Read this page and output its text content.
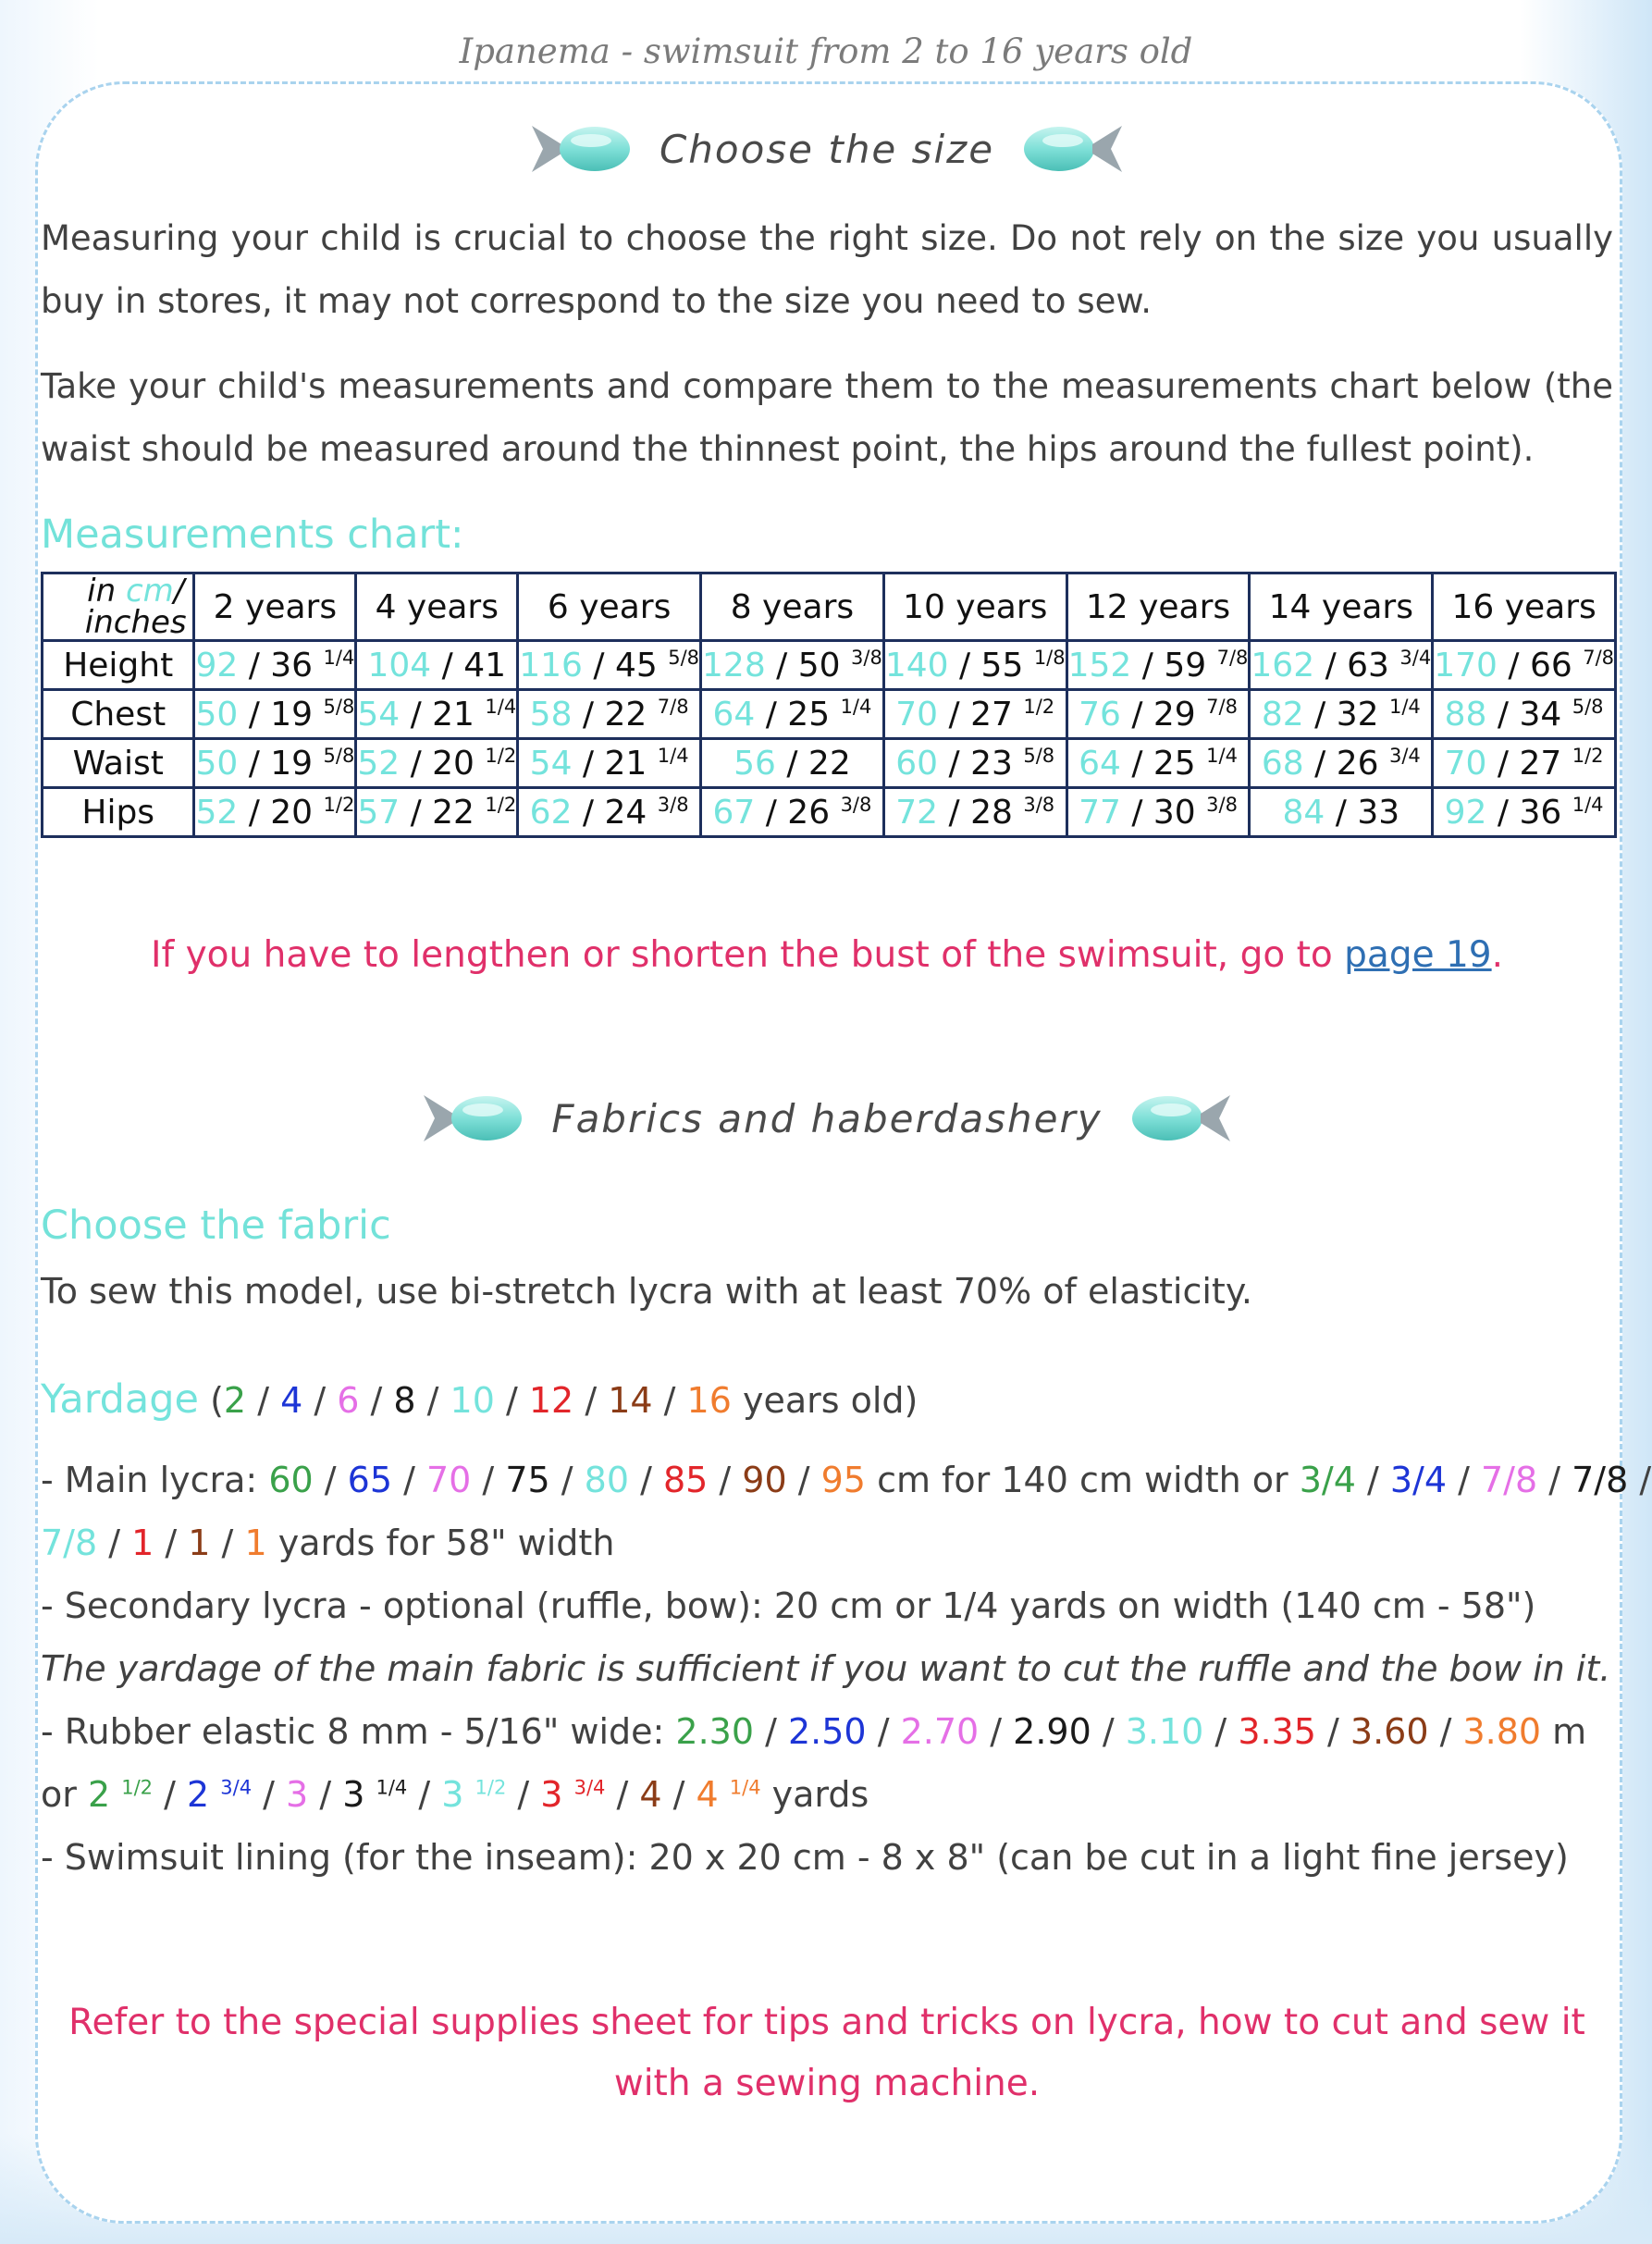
Ipanema - swimsuit from 2 to 16 years old
Choose the size

Measuring your child is crucial to choose the right size. Do not rely on the size you usually buy in stores, it may not correspond to the size you need to sew.

Take your child's measurements and compare them to the measurements chart below (the waist should be measured around the thinnest point, the hips around the fullest point).

Measurements chart:
in cm/
inches	2 years	4 years	6 years	8 years	10 years	12 years	14 years	16 years
Height	92 / 36 $^{1/4}$	104 / 41	116 / 45 $^{5/8}$	128 / 50 $^{3/8}$	140 / 55 $^{1/8}$	152 / 59 $^{7/8}$	162 / 63 $^{3/4}$	170 / 66 $^{7/8}$
Chest	50 / 19 $^{5/8}$	54 / 21 $^{1/4}$	58 / 22 $^{7/8}$	64 / 25 $^{1/4}$	70 / 27 $^{1/2}$	76 / 29 $^{7/8}$	82 / 32 $^{1/4}$	88 / 34 $^{5/8}$
Waist	50 / 19 $^{5/8}$	52 / 20 $^{1/2}$	54 / 21 $^{1/4}$	56 / 22	60 / 23 $^{5/8}$	64 / 25 $^{1/4}$	68 / 26 $^{3/4}$	70 / 27 $^{1/2}$
Hips	52 / 20 $^{1/2}$	57 / 22 $^{1/2}$	62 / 24 $^{3/8}$	67 / 26 $^{3/8}$	72 / 28 $^{3/8}$	77 / 30 $^{3/8}$	84 / 33	92 / 36 $^{1/4}$
If you have to lengthen or shorten the bust of the swimsuit, go to page 19.
Fabrics and haberdashery
Choose the fabric
To sew this model, use bi-stretch lycra with at least 70% of elasticity.
Yardage (2 / 4 / 6 / 8 / 10 / 12 / 14 / 16 years old)
- Main lycra: 60 / 65 / 70 / 75 / 80 / 85 / 90 / 95 cm for 140 cm width or 3/4 / 3/4 / 7/8 / 7/8 /
7/8 / 1 / 1 / 1 yards for 58" width
- Secondary lycra - optional (ruffle, bow): 20 cm or 1/4 yards on width (140 cm - 58")
The yardage of the main fabric is sufficient if you want to cut the ruffle and the bow in it.
- Rubber elastic 8 mm - 5/16" wide: 2.30 / 2.50 / 2.70 / 2.90 / 3.10 / 3.35 / 3.60 / 3.80 m
or 2 $^{1/2}$ / 2 $^{3/4}$ / 3 / 3 $^{1/4}$ / 3 $^{1/2}$ / 3 $^{3/4}$ / 4 / 4 $^{1/4}$ yards
- Swimsuit lining (for the inseam): 20 x 20 cm - 8 x 8" (can be cut in a light fine jersey)
Refer to the special supplies sheet for tips and tricks on lycra, how to cut and sew it with a sewing machine.
